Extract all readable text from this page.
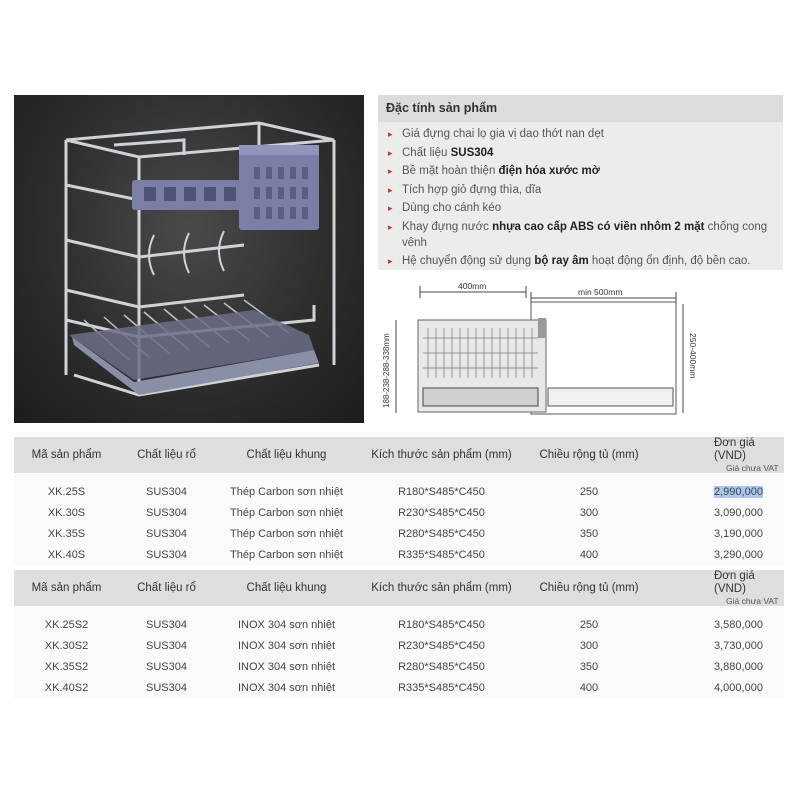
Đặc tính sản phẩm
▸ Giá đựng chai lọ gia vị dao thớt nan dẹt
▸ Chất liệu SUS304
▸ Bề mặt hoàn thiện điện hóa xước mờ
▸ Tích hợp giỏ đựng thìa, dĩa
▸ Dùng cho cánh kéo
▸ Khay đựng nước nhựa cao cấp ABS có viền nhôm 2 mặt chống cong vênh
▸ Hệ chuyển động sử dụng bộ ray âm hoạt động ổn định, độ bền cao.
400mm
min 500mm
188-238-288-338mm	250-400mm
Mã sản phẩm	Chất liệu rổ	Chất liệu khung	Kích thước sản phẩm (mm)	Chiều rộng tủ (mm)	Đơn giá (VND)
Giá chưa VAT

XK.25S	SUS304	Thép Carbon sơn nhiệt	R180*S485*C450	250	2,990,000
XK.30S	SUS304	Thép Carbon sơn nhiệt	R230*S485*C450	300	3,090,000
XK.35S	SUS304	Thép Carbon sơn nhiệt	R280*S485*C450	350	3,190,000
XK.40S	SUS304	Thép Carbon sơn nhiệt	R335*S485*C450	400	3,290,000
Mã sản phẩm	Chất liệu rổ	Chất liệu khung	Kích thước sản phẩm (mm)	Chiều rộng tủ (mm)	Đơn giá (VND)
Giá chưa VAT

XK.25S2	SUS304	INOX 304 sơn nhiệt	R180*S485*C450	250	3,580,000
XK.30S2	SUS304	INOX 304 sơn nhiệt	R230*S485*C450	300	3,730,000
XK.35S2	SUS304	INOX 304 sơn nhiệt	R280*S485*C450	350	3,880,000
XK.40S2	SUS304	INOX 304 sơn nhiệt	R335*S485*C450	400	4,000,000
